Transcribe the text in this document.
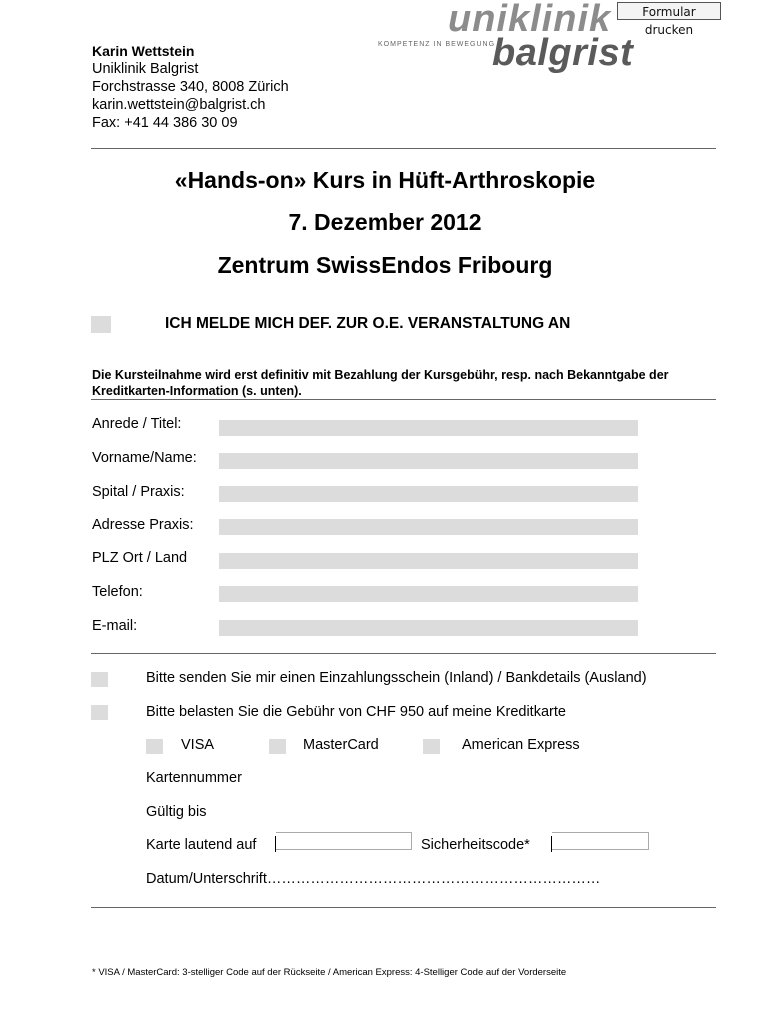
Formular drucken
uniklinik
KOMPETENZ IN BEWEGUNG
balgrist
Karin Wettstein
Uniklinik Balgrist
Forchstrasse 340, 8008 Zürich
karin.wettstein@balgrist.ch
Fax: +41 44 386 30 09
«Hands-on» Kurs in Hüft-Arthroskopie
7. Dezember 2012
Zentrum SwissEndos Fribourg
ICH MELDE MICH DEF. ZUR O.E. VERANSTALTUNG AN
Die Kursteilnahme wird erst definitiv mit Bezahlung der Kursgebühr, resp. nach Bekanntgabe der Kreditkarten-Information (s. unten).
Anrede / Titel:
Vorname/Name:
Spital / Praxis:
Adresse Praxis:
PLZ Ort / Land
Telefon:
E-mail:
Bitte senden Sie mir einen Einzahlungsschein (Inland) / Bankdetails (Ausland)
Bitte belasten Sie die Gebühr von CHF 950 auf meine Kreditkarte
VISA	MasterCard	American Express
Kartennummer
Gültig bis
Karte lautend auf	Sicherheitscode*
Datum/Unterschrift……………………………………………………………
* VISA / MasterCard: 3-stelliger Code auf der Rückseite / American Express: 4-Stelliger Code auf der Vorderseite
